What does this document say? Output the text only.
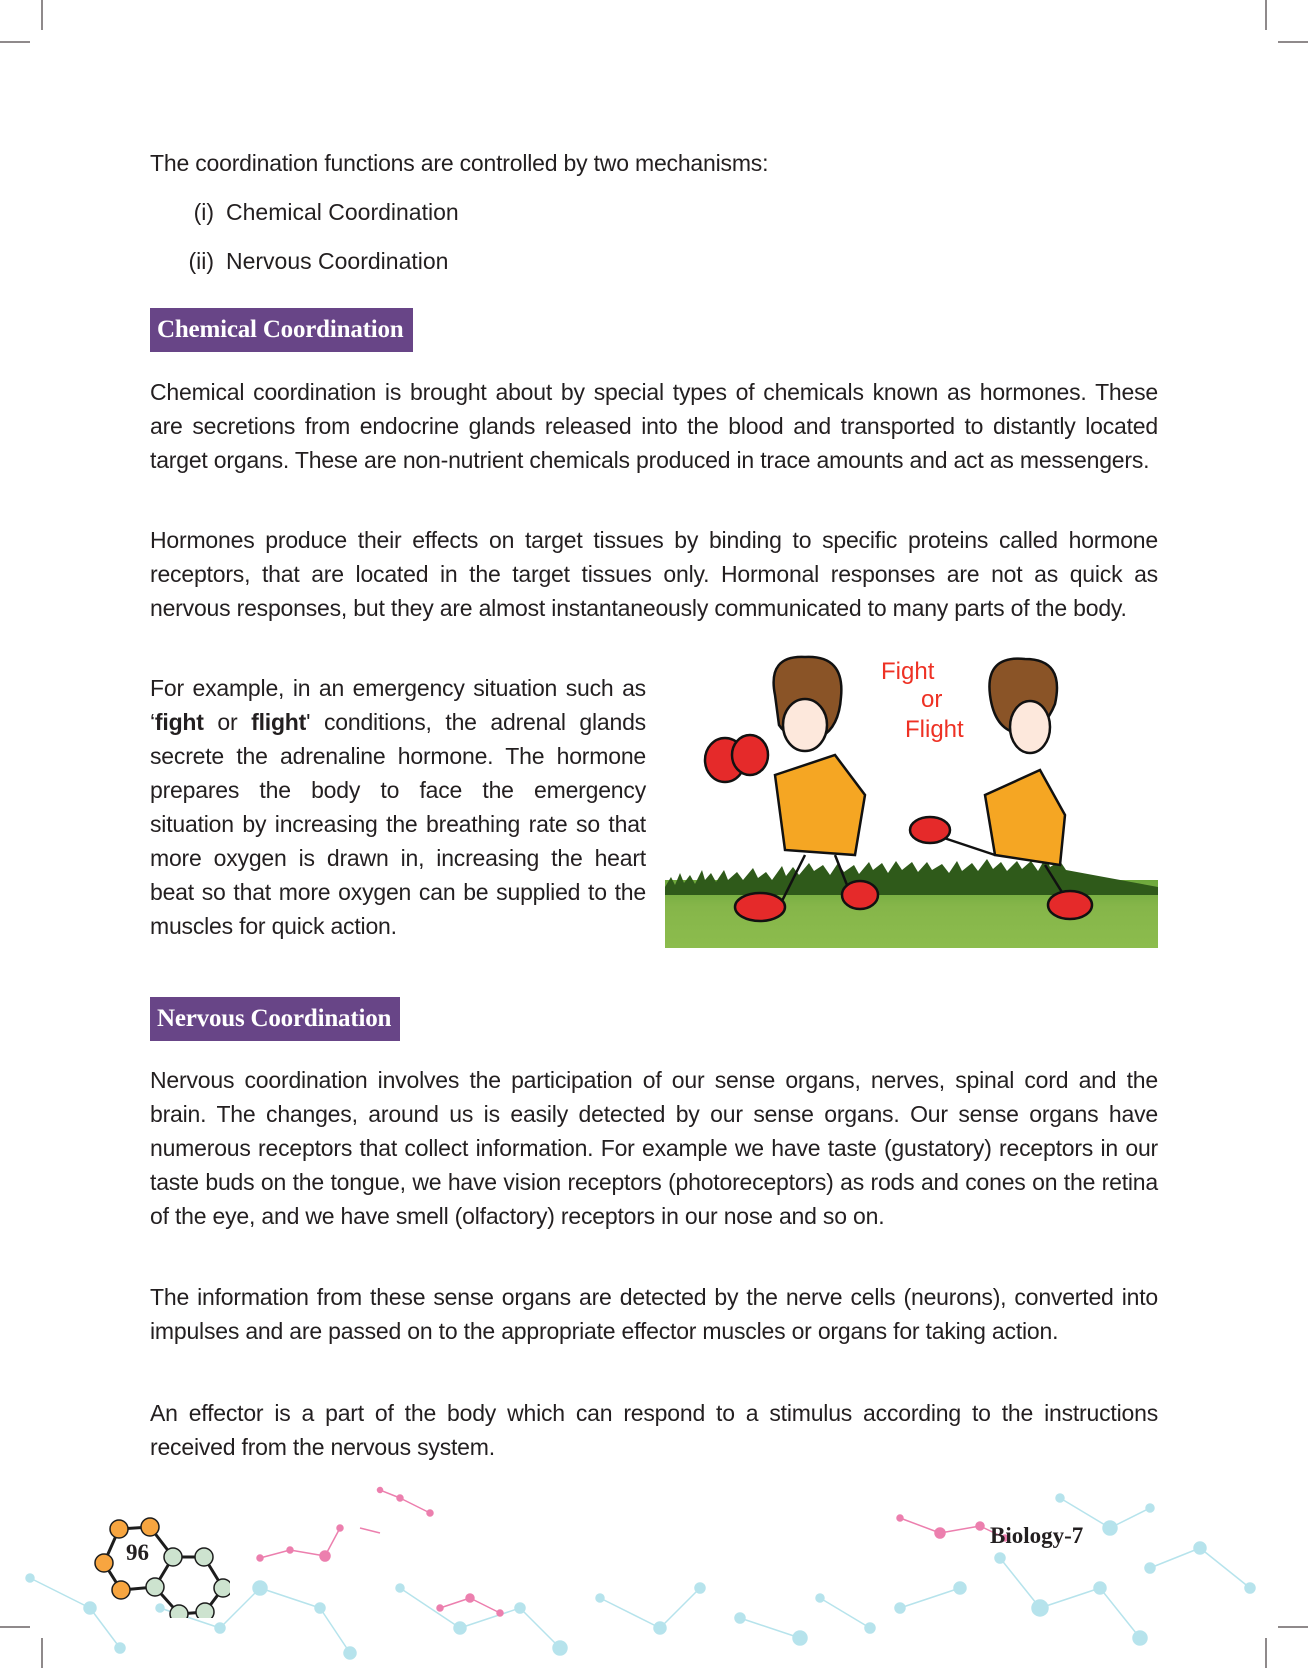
The coordination functions are controlled by two mechanisms:
(i) Chemical Coordination
(ii) Nervous Coordination
Chemical Coordination

Chemical coordination is brought about by special types of chemicals known as hormones. These are secretions from endocrine glands released into the blood and transported to distantly located target organs. These are non-nutrient chemicals produced in trace amounts and act as messengers.

Hormones produce their effects on target tissues by binding to specific proteins called hormone receptors, that are located in the target tissues only. Hormonal responses are not as quick as nervous responses, but they are almost instantaneously communicated to many parts of the body.

For example, in an emergency situation such as ‘fight or flight' conditions, the adrenal glands secrete the adrenaline hormone. The hormone prepares the body to face the emergency situation by increasing the breathing rate so that more oxygen is drawn in, increasing the heart beat so that more oxygen can be supplied to the muscles for quick action.

Fight
or
Flight
Nervous Coordination

Nervous coordination involves the participation of our sense organs, nerves, spinal cord and the brain. The changes, around us is easily detected by our sense organs. Our sense organs have numerous receptors that collect information. For example we have taste (gustatory) receptors in our taste buds on the tongue, we have vision receptors (photoreceptors) as rods and cones on the retina of the eye, and we have smell (olfactory) receptors in our nose and so on.

The information from these sense organs are detected by the nerve cells (neurons), converted into impulses and are passed on to the appropriate effector muscles or organs for taking action.

An effector is a part of the body which can respond to a stimulus according to the instructions received from the nervous system.

96
Biology-7
